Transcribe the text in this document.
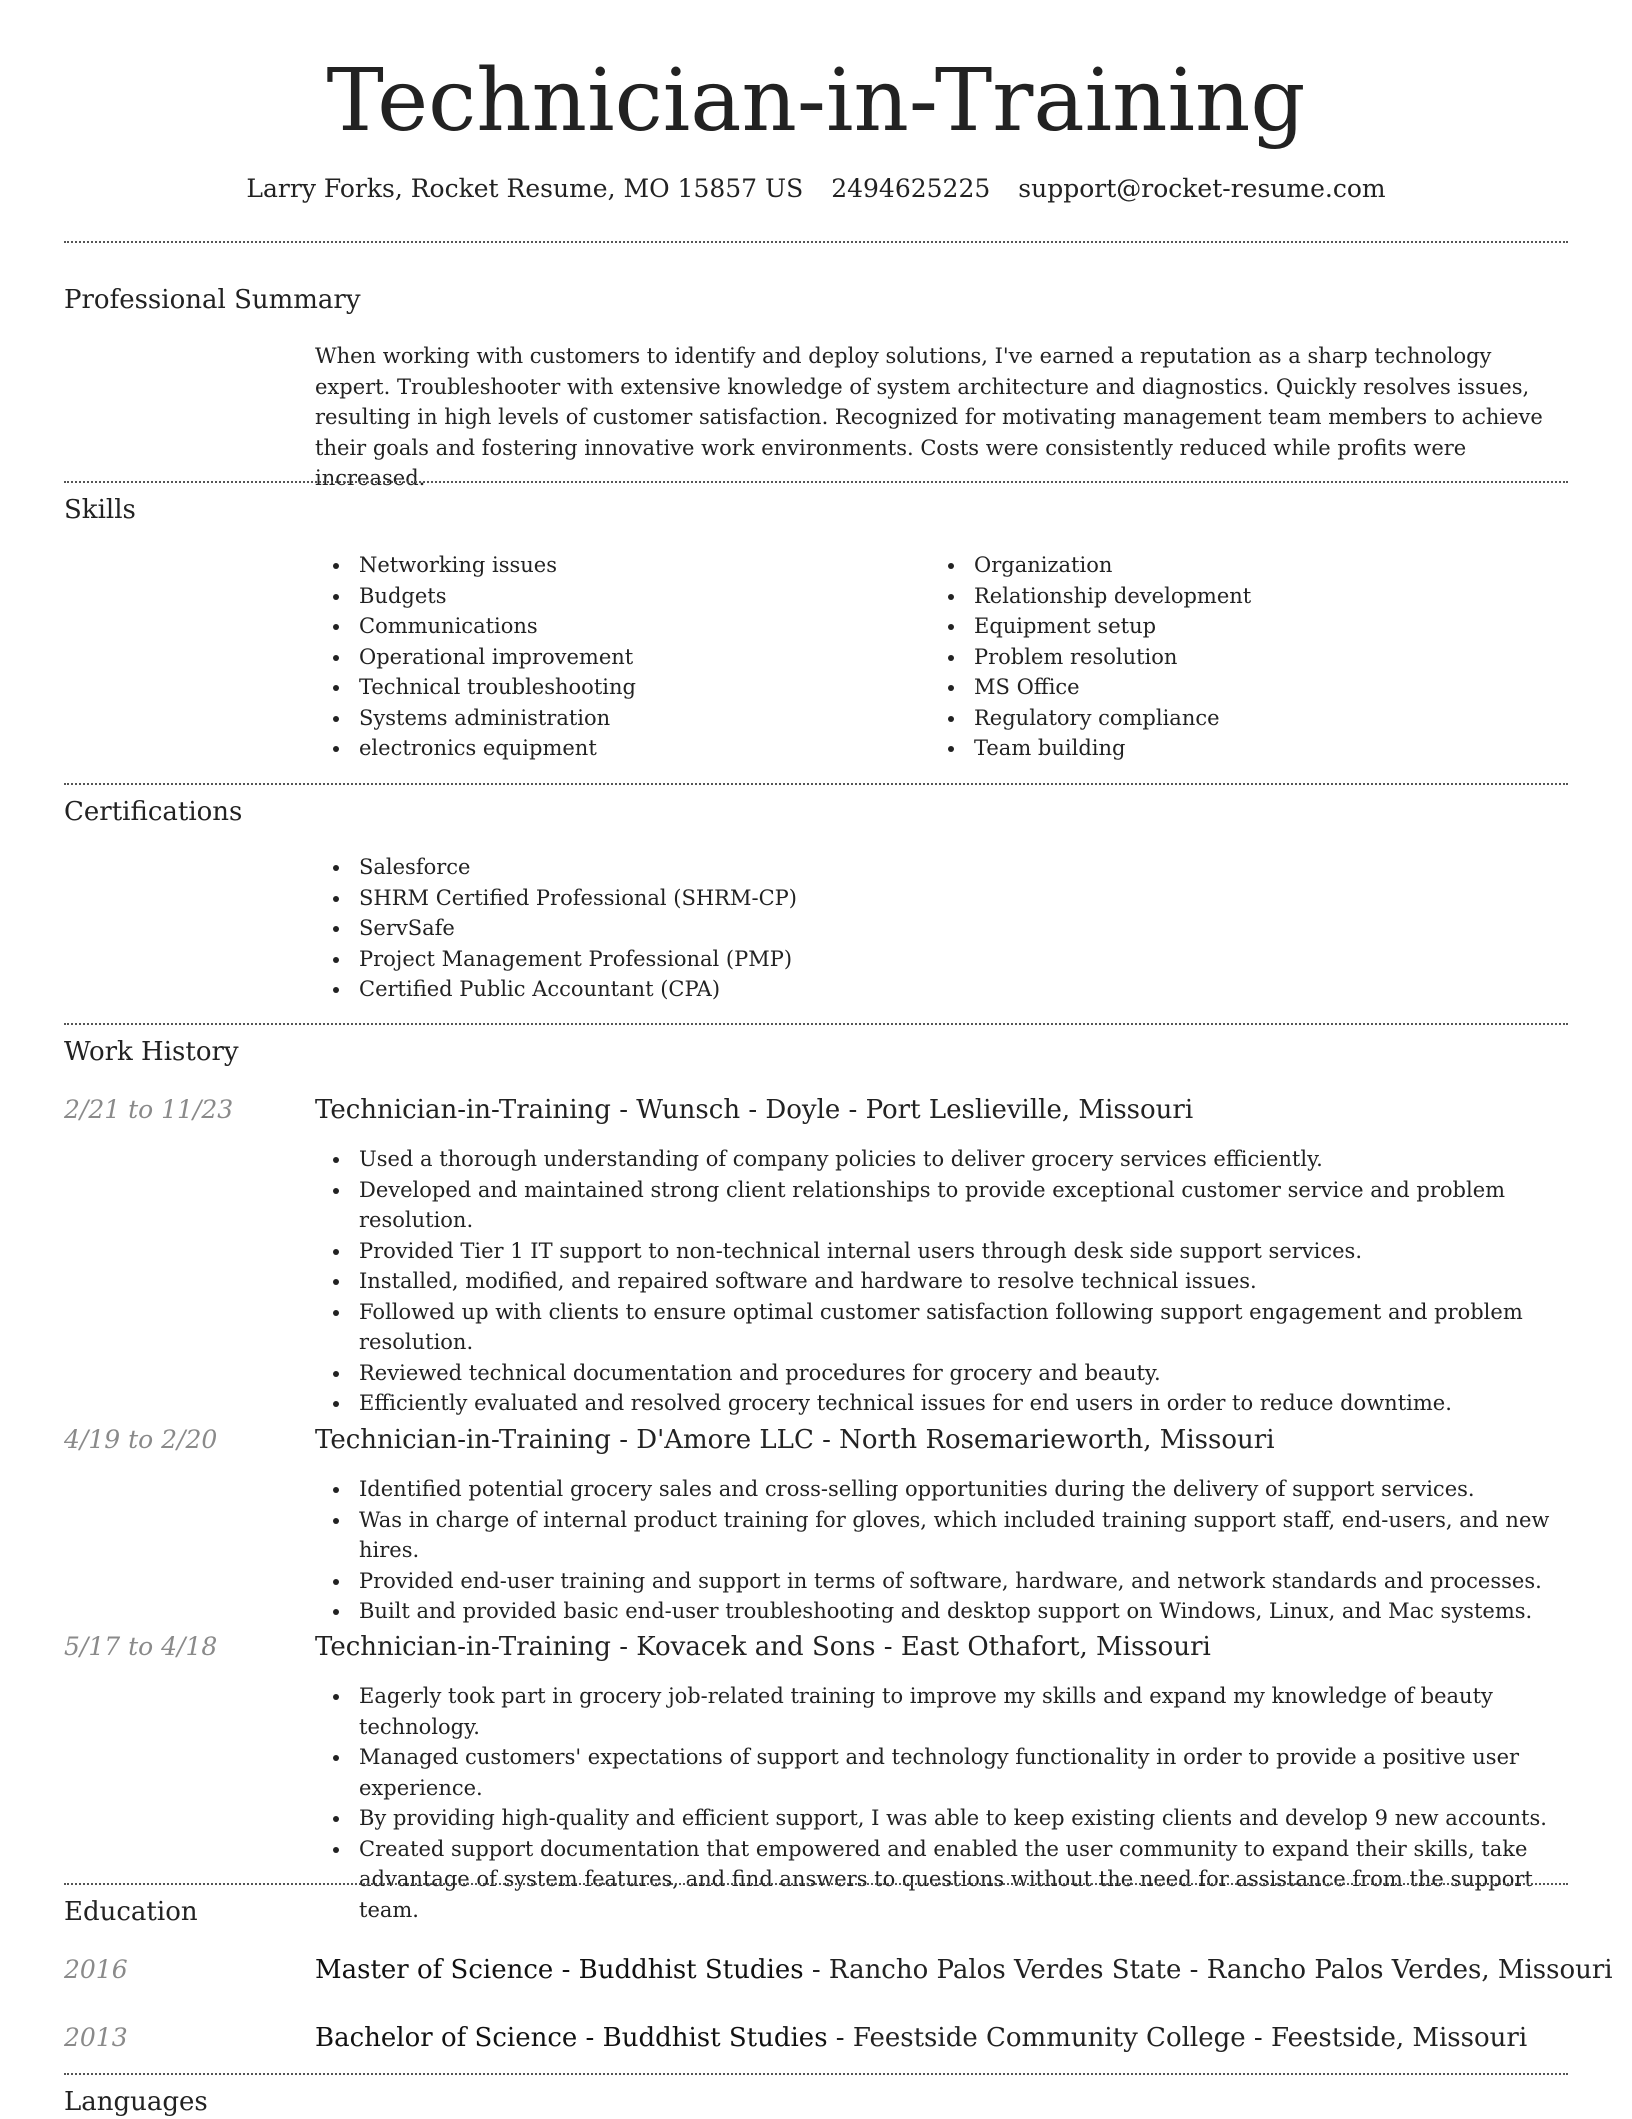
Technician-in-Training
Larry Forks, Rocket Resume, MO 15857 US 2494625225 support@rocket-resume.com
Professional Summary

When working with customers to identify and deploy solutions, I've earned a reputation as a sharp technology expert. Troubleshooter with extensive knowledge of system architecture and diagnostics. Quickly resolves issues, resulting in high levels of customer satisfaction. Recognized for motivating management team members to achieve their goals and fostering innovative work environments. Costs were consistently reduced while profits were increased.

Skills
Networking issues
Budgets
Communications
Operational improvement
Technical troubleshooting
Systems administration
electronics equipment
Organization
Relationship development
Equipment setup
Problem resolution
MS Office
Regulatory compliance
Team building
Certifications
Salesforce
SHRM Certified Professional (SHRM-CP)
ServSafe
Project Management Professional (PMP)
Certified Public Accountant (CPA)
Work History
2/21 to 11/23	Technician-in-Training - Wunsch - Doyle - Port Leslieville, Missouri
Used a thorough understanding of company policies to deliver grocery services efficiently.
Developed and maintained strong client relationships to provide exceptional customer service and problem resolution.
Provided Tier 1 IT support to non-technical internal users through desk side support services.
Installed, modified, and repaired software and hardware to resolve technical issues.
Followed up with clients to ensure optimal customer satisfaction following support engagement and problem resolution.
Reviewed technical documentation and procedures for grocery and beauty.
Efficiently evaluated and resolved grocery technical issues for end users in order to reduce downtime.
4/19 to 2/20	Technician-in-Training - D'Amore LLC - North Rosemarieworth, Missouri
Identified potential grocery sales and cross-selling opportunities during the delivery of support services.
Was in charge of internal product training for gloves, which included training support staff, end-users, and new hires.
Provided end-user training and support in terms of software, hardware, and network standards and processes.
Built and provided basic end-user troubleshooting and desktop support on Windows, Linux, and Mac systems.
5/17 to 4/18	Technician-in-Training - Kovacek and Sons - East Othafort, Missouri
Eagerly took part in grocery job-related training to improve my skills and expand my knowledge of beauty technology.
Managed customers' expectations of support and technology functionality in order to provide a positive user experience.
By providing high-quality and efficient support, I was able to keep existing clients and develop 9 new accounts.
Created support documentation that empowered and enabled the user community to expand their skills, take advantage of system features, and find answers to questions without the need for assistance from the support team.
Education
2016	Master of Science - Buddhist Studies - Rancho Palos Verdes State - Rancho Palos Verdes, Missouri
2013	Bachelor of Science - Buddhist Studies - Feestside Community College - Feestside, Missouri
Languages
